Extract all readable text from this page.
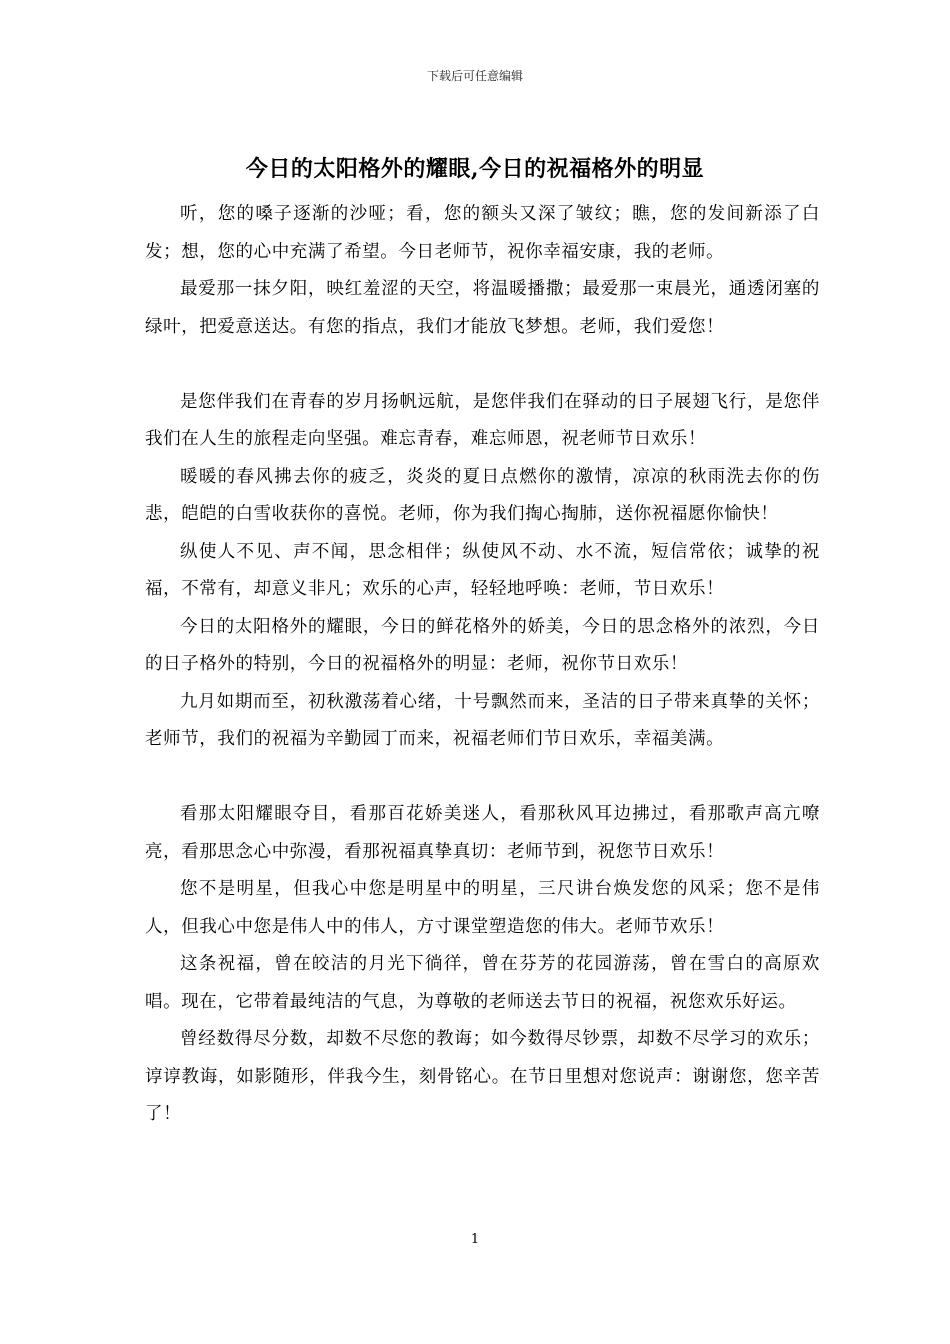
下载后可任意编辑
今日的太阳格外的耀眼,今日的祝福格外的明显

听，您的嗓子逐渐的沙哑；看，您的额头又深了皱纹；瞧，您的发间新添了白发；想，您的心中充满了希望。今日老师节，祝你幸福安康，我的老师。

最爱那一抹夕阳，映红羞涩的天空，将温暖播撒；最爱那一束晨光，通透闭塞的绿叶，把爱意送达。有您的指点，我们才能放飞梦想。老师，我们爱您！

是您伴我们在青春的岁月扬帆远航，是您伴我们在驿动的日子展翅飞行，是您伴我们在人生的旅程走向坚强。难忘青春，难忘师恩，祝老师节日欢乐！

暖暖的春风拂去你的疲乏，炎炎的夏日点燃你的激情，凉凉的秋雨洗去你的伤悲，皑皑的白雪收获你的喜悦。老师，你为我们掏心掏肺，送你祝福愿你愉快！

纵使人不见、声不闻，思念相伴；纵使风不动、水不流，短信常依；诚挚的祝福，不常有，却意义非凡；欢乐的心声，轻轻地呼唤：老师，节日欢乐！

今日的太阳格外的耀眼，今日的鲜花格外的娇美，今日的思念格外的浓烈，今日的日子格外的特别，今日的祝福格外的明显：老师，祝你节日欢乐！

九月如期而至，初秋激荡着心绪，十号飘然而来，圣洁的日子带来真挚的关怀；老师节，我们的祝福为辛勤园丁而来，祝福老师们节日欢乐，幸福美满。

看那太阳耀眼夺目，看那百花娇美迷人，看那秋风耳边拂过，看那歌声高亢嘹亮，看那思念心中弥漫，看那祝福真挚真切：老师节到，祝您节日欢乐！

您不是明星，但我心中您是明星中的明星，三尺讲台焕发您的风采；您不是伟人，但我心中您是伟人中的伟人，方寸课堂塑造您的伟大。老师节欢乐！

这条祝福，曾在皎洁的月光下徜徉，曾在芬芳的花园游荡，曾在雪白的高原欢唱。现在，它带着最纯洁的气息，为尊敬的老师送去节日的祝福，祝您欢乐好运。

曾经数得尽分数，却数不尽您的教诲；如今数得尽钞票，却数不尽学习的欢乐；谆谆教诲，如影随形，伴我今生，刻骨铭心。在节日里想对您说声：谢谢您，您辛苦了！

1
